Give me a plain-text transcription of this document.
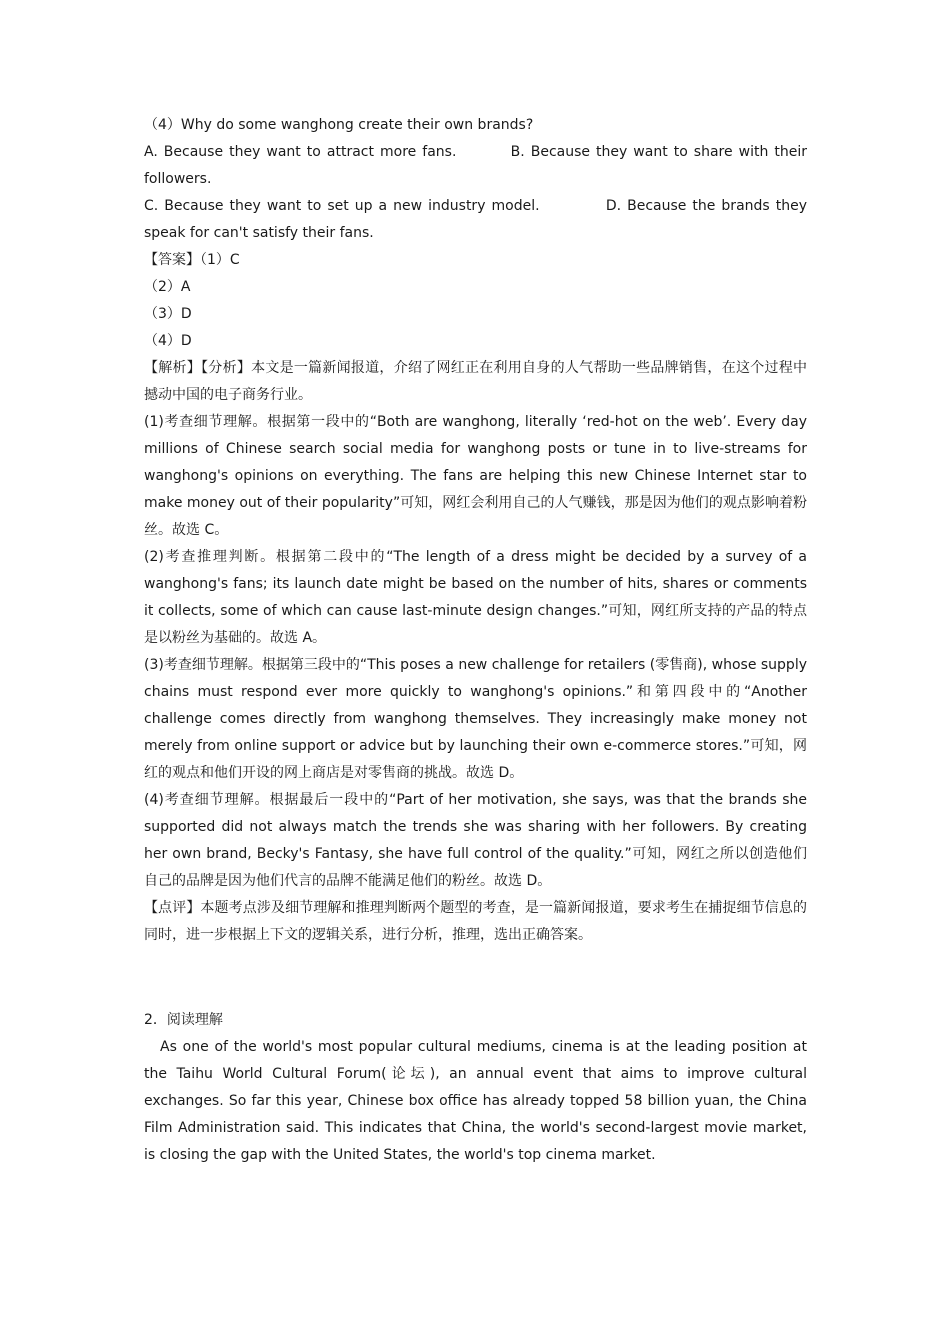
（4）Why do some wanghong create their own brands?

A. Because they want to attract more fans.	B. Because they want to share with their followers.

C. Because they want to set up a new industry model.	D. Because the brands they speak for can't satisfy their fans.

【答案】（1）C

（2）A

（3）D

（4）D

【解析】【分析】本文是一篇新闻报道，介绍了网红正在利用自身的人气帮助一些品牌销售，在这个过程中撼动中国的电子商务行业。

(1)考查细节理解。根据第一段中的“Both are wanghong, literally ‘red-hot on the web’. Every day millions of Chinese search social media for wanghong posts or tune in to live-streams for wanghong's opinions on everything. The fans are helping this new Chinese Internet star to make money out of their popularity”可知，网红会利用自己的人气赚钱，那是因为他们的观点影响着粉丝。故选 C。

(2)考查推理判断。根据第二段中的“The length of a dress might be decided by a survey of a wanghong's fans; its launch date might be based on the number of hits, shares or comments it collects, some of which can cause last-minute design changes.”可知，网红所支持的产品的特点是以粉丝为基础的。故选 A。

(3)考查细节理解。根据第三段中的“This poses a new challenge for retailers (零售商), whose supply chains must respond ever more quickly to wanghong's opinions.”和第四段中的“Another challenge comes directly from wanghong themselves. They increasingly make money not merely from online support or advice but by launching their own e-commerce stores.”可知，网红的观点和他们开设的网上商店是对零售商的挑战。故选 D。

(4)考查细节理解。根据最后一段中的“Part of her motivation, she says, was that the brands she supported did not always match the trends she was sharing with her followers. By creating her own brand, Becky's Fantasy, she have full control of the quality.”可知，网红之所以创造他们自己的品牌是因为他们代言的品牌不能满足他们的粉丝。故选 D。

【点评】本题考点涉及细节理解和推理判断两个题型的考查，是一篇新闻报道，要求考生在捕捉细节信息的同时，进一步根据上下文的逻辑关系，进行分析，推理，选出正确答案。

2．阅读理解

As one of the world's most popular cultural mediums, cinema is at the leading position at the Taihu World Cultural Forum(论坛), an annual event that aims to improve cultural exchanges. So far this year, Chinese box office has already topped 58 billion yuan, the China Film Administration said. This indicates that China, the world's second-largest movie market, is closing the gap with the United States, the world's top cinema market.
